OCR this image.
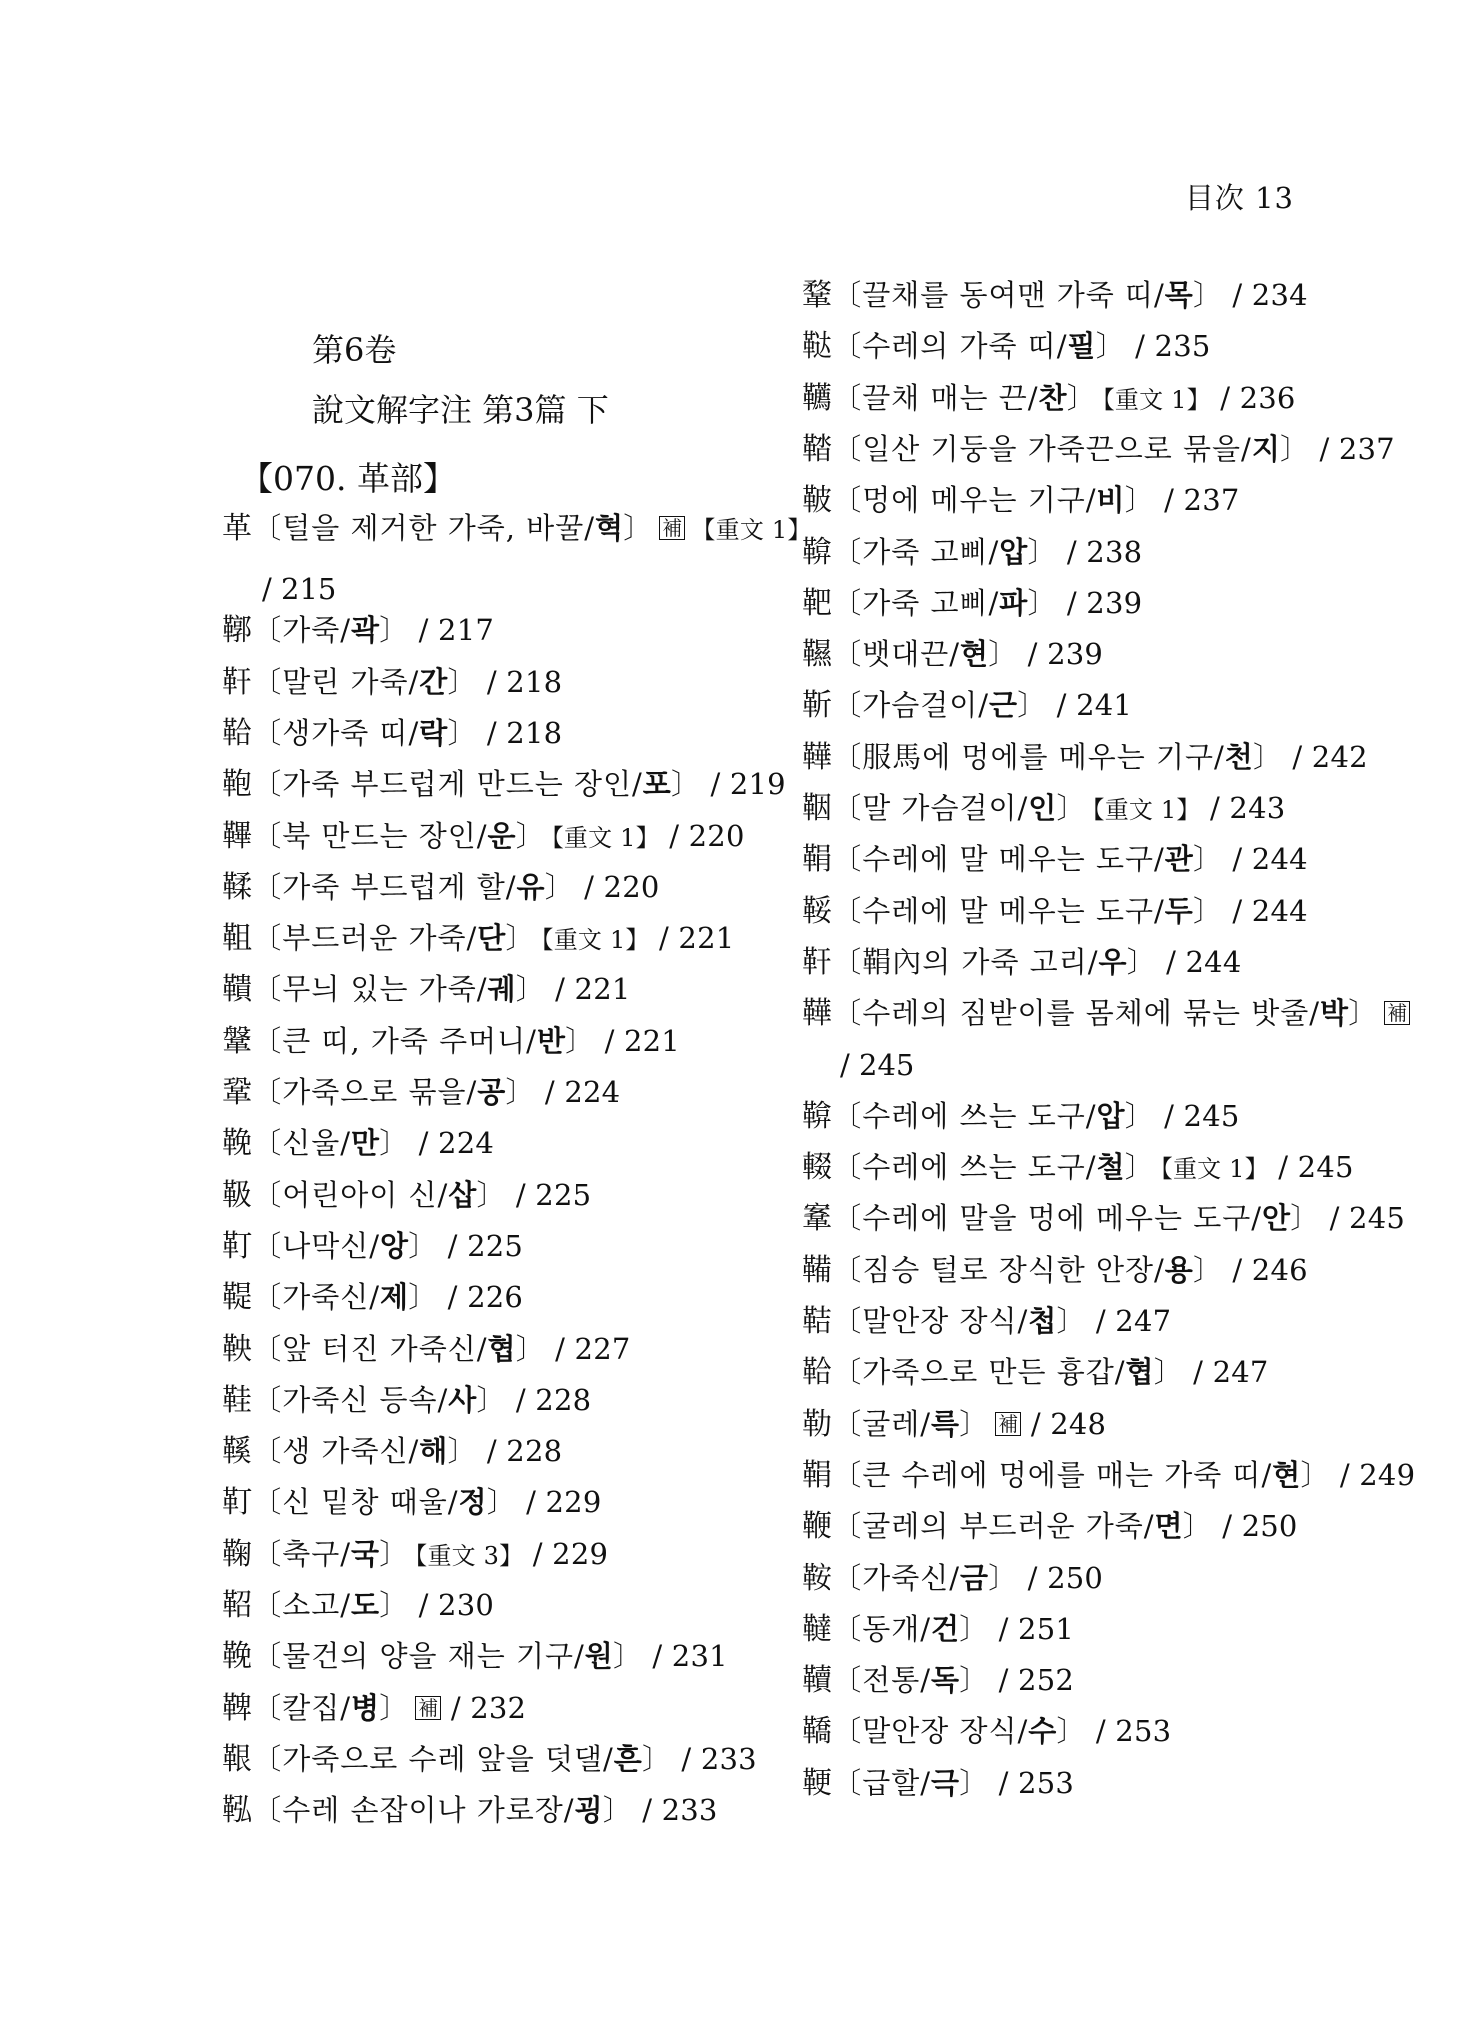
目次 13
第6卷
說文解字注 第3篇 下
【070. 革部】
革〔털을 제거한 가죽, 바꿀/혁〕 補 【重文 1】
鞹〔가죽/곽〕 / 217
靬〔말린 가죽/간〕 / 218
鞈〔생가죽 띠/락〕 / 218
鞄〔가죽 부드럽게 만드는 장인/포〕 / 219
鞸〔북 만드는 장인/운〕 【重文 1】 / 220
鞣〔가죽 부드럽게 할/유〕 / 220
靻〔부드러운 가죽/단〕 【重文 1】 / 221
鞼〔무늬 있는 가죽/궤〕 / 221
鞶〔큰 띠, 가죽 주머니/반〕 / 221
鞏〔가죽으로 묶을/공〕 / 224
鞔〔신울/만〕 / 224
靸〔어린아이 신/삽〕 / 225
靪〔나막신/앙〕 / 225
鞮〔가죽신/제〕 / 226
鞅〔앞 터진 가죽신/협〕 / 227
鞋〔가죽신 등속/사〕 / 228
鞵〔생 가죽신/해〕 / 228
靪〔신 밑창 때울/정〕 / 229
鞠〔축구/국〕 【重文 3】 / 229
鞀〔소고/도〕 / 230
鞔〔물건의 양을 재는 기구/원〕 / 231
鞞〔칼집/병〕 補 / 232
鞎〔가죽으로 수레 앞을 덧댈/흔〕 / 233
鞃〔수레 손잡이나 가로장/굉〕 / 233
鞪〔끌채를 동여맨 가죽 띠/목〕 / 234
鞑〔수레의 가죽 띠/필〕 / 235
韉〔끌채 매는 끈/찬〕 【重文 1】 / 236
鞜〔일산 기둥을 가죽끈으로 묶을/지〕 / 237
鞁〔멍에 메우는 기구/비〕 / 237
鞥〔가죽 고삐/압〕 / 238
靶〔가죽 고삐/파〕 / 239
韅〔뱃대끈/현〕 / 239
靳〔가슴걸이/근〕 / 241
鞾〔服馬에 멍에를 메우는 기구/천〕 / 242
鞇〔말 가슴걸이/인〕 【重文 1】 / 243
鞙〔수레에 말 메우는 도구/관〕 / 244
鞖〔수레에 말 메우는 도구/두〕 / 244
靬〔鞙內의 가죽 고리/우〕 / 244
鞾〔수레의 짐받이를 몸체에 묶는 밧줄/박〕 補
鞥〔수레에 쓰는 도구/압〕 / 245
輟〔수레에 쓰는 도구/철〕 【重文 1】 / 245
鞌〔수레에 말을 멍에 메우는 도구/안〕 / 245
鞴〔짐승 털로 장식한 안장/용〕 / 246
鞊〔말안장 장식/첩〕 / 247
鞈〔가죽으로 만든 흉갑/협〕 / 247
勒〔굴레/륵〕 補 / 248
鞙〔큰 수레에 멍에를 매는 가죽 띠/현〕 / 249
鞭〔굴레의 부드러운 가죽/면〕 / 250
鞍〔가죽신/금〕 / 250
韃〔동개/건〕 / 251
韇〔전통/독〕 / 252
鞽〔말안장 장식/수〕 / 253
鞕〔급할/극〕 / 253
/ 215
/ 245
